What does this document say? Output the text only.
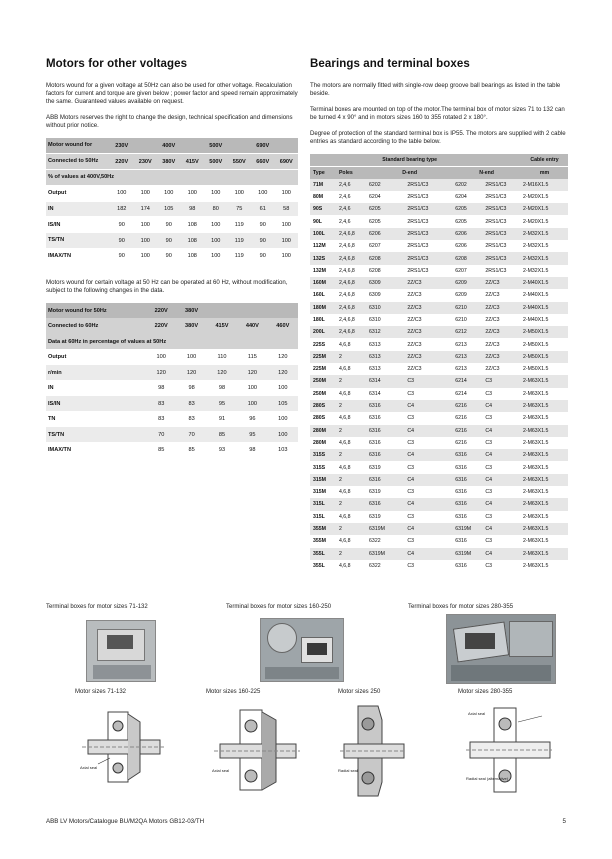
Motors for other voltages

Motors wound for a given voltage at 50Hz can also be used for other voltage. Recalculation factors for current and torque are given below ; power factor and speed remain approximately the same. Guaranteed values available on request.

ABB Motors reserves the right to change the design, technical specification and dimensions without prior notice.

Motor wound for	230V		400V		500V		690V	
Connected to 50Hz	220V	230V	380V	415V	500V	550V	660V	690V
% of values at 400V,50Hz								
Output	100	100	100	100	100	100	100	100
IN	182	174	105	98	80	75	61	58
IS/IN	90	100	90	108	100	119	90	100
TS/TN	90	100	90	108	100	119	90	100
IMAX/TN	90	100	90	108	100	119	90	100

Motors wound for certain voltage at 50 Hz can be operated at 60 Hz, without modification, subject to the following changes in the data.

Motor wound for 50Hz	220V	380V			
Connected to 60Hz	220V	380V	415V	440V	460V
Data at 60Hz in percentage of values at 50Hz					
Output	100	100	110	115	120
r/min	120	120	120	120	120
IN	98	98	98	100	100
IS/IN	83	83	95	100	105
TN	83	83	91	96	100
TS/TN	70	70	85	95	100
IMAX/TN	85	85	93	98	103
Bearings and terminal boxes

The motors are normally fitted with single-row deep groove ball bearings as listed in the table beside.

Terminal boxes are mounted on top of the motor.The terminal box of motor sizes 71 to 132 can be turned 4 x 90° and in motors sizes 160 to 355 rotated 2 x 180°.

Degree of protection of the standard terminal box is IP55. The motors are supplied with 2 cable entries as standard according to the table below.

		Standard bearing type				Cable entry
Type	Poles	D-end		N-end		mm
71M	2,4,6	6202	2RS1/C3	6202	2RS1/C3	2-M16X1.5
80M	2,4,6	6204	2RS1/C3	6204	2RS1/C3	2-M20X1.5
90S	2,4,6	6205	2RS1/C3	6205	2RS1/C3	2-M20X1.5
90L	2,4,6	6205	2RS1/C3	6205	2RS1/C3	2-M20X1.5
100L	2,4,6,8	6206	2RS1/C3	6206	2RS1/C3	2-M32X1.5
112M	2,4,6,8	6207	2RS1/C3	6206	2RS1/C3	2-M32X1.5
132S	2,4,6,8	6208	2RS1/C3	6208	2RS1/C3	2-M32X1.5
132M	2,4,6,8	6208	2RS1/C3	6207	2RS1/C3	2-M32X1.5
160M	2,4,6,8	6309	2Z/C3	6209	2Z/C3	2-M40X1.5
160L	2,4,6,8	6309	2Z/C3	6209	2Z/C3	2-M40X1.5
180M	2,4,6,8	6310	2Z/C3	6210	2Z/C3	2-M40X1.5
180L	2,4,6,8	6310	2Z/C3	6210	2Z/C3	2-M40X1.5
200L	2,4,6,8	6312	2Z/C3	6212	2Z/C3	2-M50X1.5
225S	4,6,8	6313	2Z/C3	6213	2Z/C3	2-M50X1.5
225M	2	6313	2Z/C3	6213	2Z/C3	2-M50X1.5
225M	4,6,8	6313	2Z/C3	6213	2Z/C3	2-M50X1.5
250M	2	6314	C3	6214	C3	2-M63X1.5
250M	4,6,8	6314	C3	6214	C3	2-M63X1.5
280S	2	6316	C4	6216	C4	2-M63X1.5
280S	4,6,8	6316	C3	6216	C3	2-M63X1.5
280M	2	6316	C4	6216	C4	2-M63X1.5
280M	4,6,8	6316	C3	6216	C3	2-M63X1.5
315S	2	6316	C4	6316	C4	2-M63X1.5
315S	4,6,8	6319	C3	6316	C3	2-M63X1.5
315M	2	6316	C4	6316	C4	2-M63X1.5
315M	4,6,8	6319	C3	6316	C3	2-M63X1.5
315L	2	6316	C4	6316	C4	2-M63X1.5
315L	4,6,8	6319	C3	6316	C3	2-M63X1.5
355M	2	6319M	C4	6319M	C4	2-M63X1.5
355M	4,6,8	6322	C3	6316	C3	2-M63X1.5
355L	2	6319M	C4	6319M	C4	2-M63X1.5
355L	4,6,8	6322	C3	6316	C3	2-M63X1.5
Terminal boxes for motor sizes 71-132	Terminal boxes for motor sizes 160-250	Terminal boxes for motor sizes 280-355
Motor sizes 71-132	Motor sizes 160-225	Motor sizes 250	Motor sizes 280-355
Axial seal
Axial seal	Radial seal
Axial seal
Radial seal (alternative)
ABB LV Motors/Catalogue BU/M2QA Motors GB12-03/TH	5
